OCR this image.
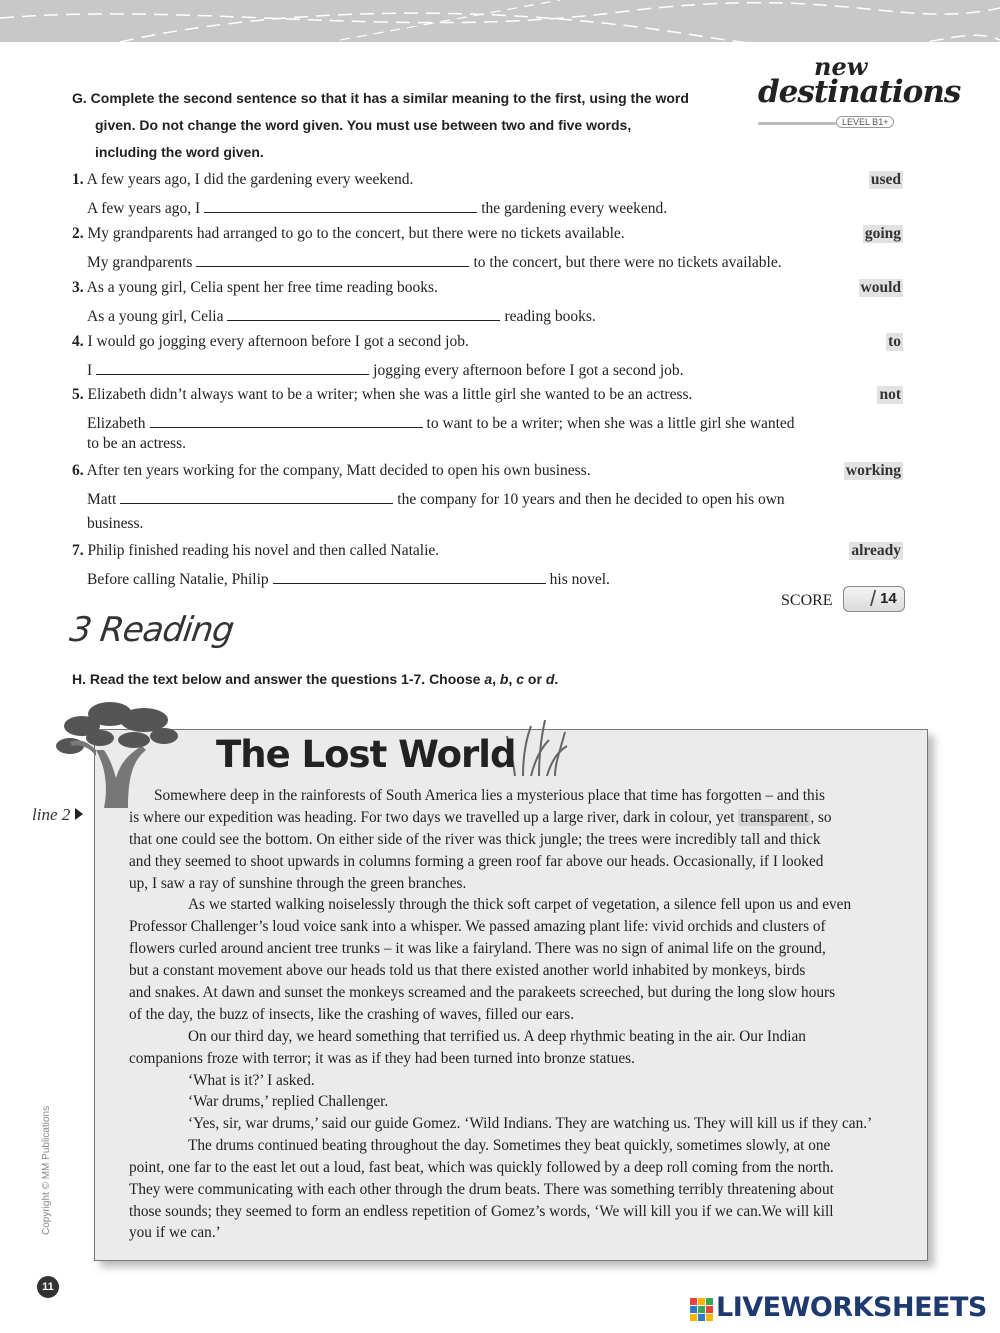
new
destinations
LEVEL B1+
G. Complete the second sentence so that it has a similar meaning to the first, using the word
given. Do not change the word given. You must use between two and five words,
including the word given.
1. A few years ago, I did the gardening every weekend.	used
A few years ago, I	the gardening every weekend.
2. My grandparents had arranged to go to the concert, but there were no tickets available.	going
My grandparents	to the concert, but there were no tickets available.
3. As a young girl, Celia spent her free time reading books.	would
As a young girl, Celia	reading books.
4. I would go jogging every afternoon before I got a second job.	to
I	jogging every afternoon before I got a second job.
5. Elizabeth didn’t always want to be a writer; when she was a little girl she wanted to be an actress.	not
Elizabeth	to want to be a writer; when she was a little girl she wanted
to be an actress.
6. After ten years working for the company, Matt decided to open his own business.	working
Matt	the company for 10 years and then he decided to open his own
business.
7. Philip finished reading his novel and then called Natalie.	already
Before calling Natalie, Philip	his novel.
SCORE / 14
3 Reading
H. Read the text below and answer the questions 1-7. Choose a, b, c or d.
The Lost World
line 2
Somewhere deep in the rainforests of South America lies a mysterious place that time has forgotten – and this
is where our expedition was heading. For two days we travelled up a large river, dark in colour, yet transparent , so
that one could see the bottom. On either side of the river was thick jungle; the trees were incredibly tall and thick
and they seemed to shoot upwards in columns forming a green roof far above our heads. Occasionally, if I looked
up, I saw a ray of sunshine through the green branches.
As we started walking noiselessly through the thick soft carpet of vegetation, a silence fell upon us and even
Professor Challenger’s loud voice sank into a whisper. We passed amazing plant life: vivid orchids and clusters of
flowers curled around ancient tree trunks – it was like a fairyland. There was no sign of animal life on the ground,
but a constant movement above our heads told us that there existed another world inhabited by monkeys, birds
and snakes. At dawn and sunset the monkeys screamed and the parakeets screeched, but during the long slow hours
of the day, the buzz of insects, like the crashing of waves, filled our ears.
On our third day, we heard something that terrified us. A deep rhythmic beating in the air. Our Indian
companions froze with terror; it was as if they had been turned into bronze statues.
‘What is it?’ I asked.
‘War drums,’ replied Challenger.
‘Yes, sir, war drums,’ said our guide Gomez. ‘Wild Indians. They are watching us. They will kill us if they can.’
The drums continued beating throughout the day. Sometimes they beat quickly, sometimes slowly, at one
point, one far to the east let out a loud, fast beat, which was quickly followed by a deep roll coming from the north.
They were communicating with each other through the drum beats. There was something terribly threatening about
those sounds; they seemed to form an endless repetition of Gomez’s words, ‘We will kill you if we can.We will kill
you if we can.’
Copyright © MM Publications
11
LIVEWORKSHEETS
